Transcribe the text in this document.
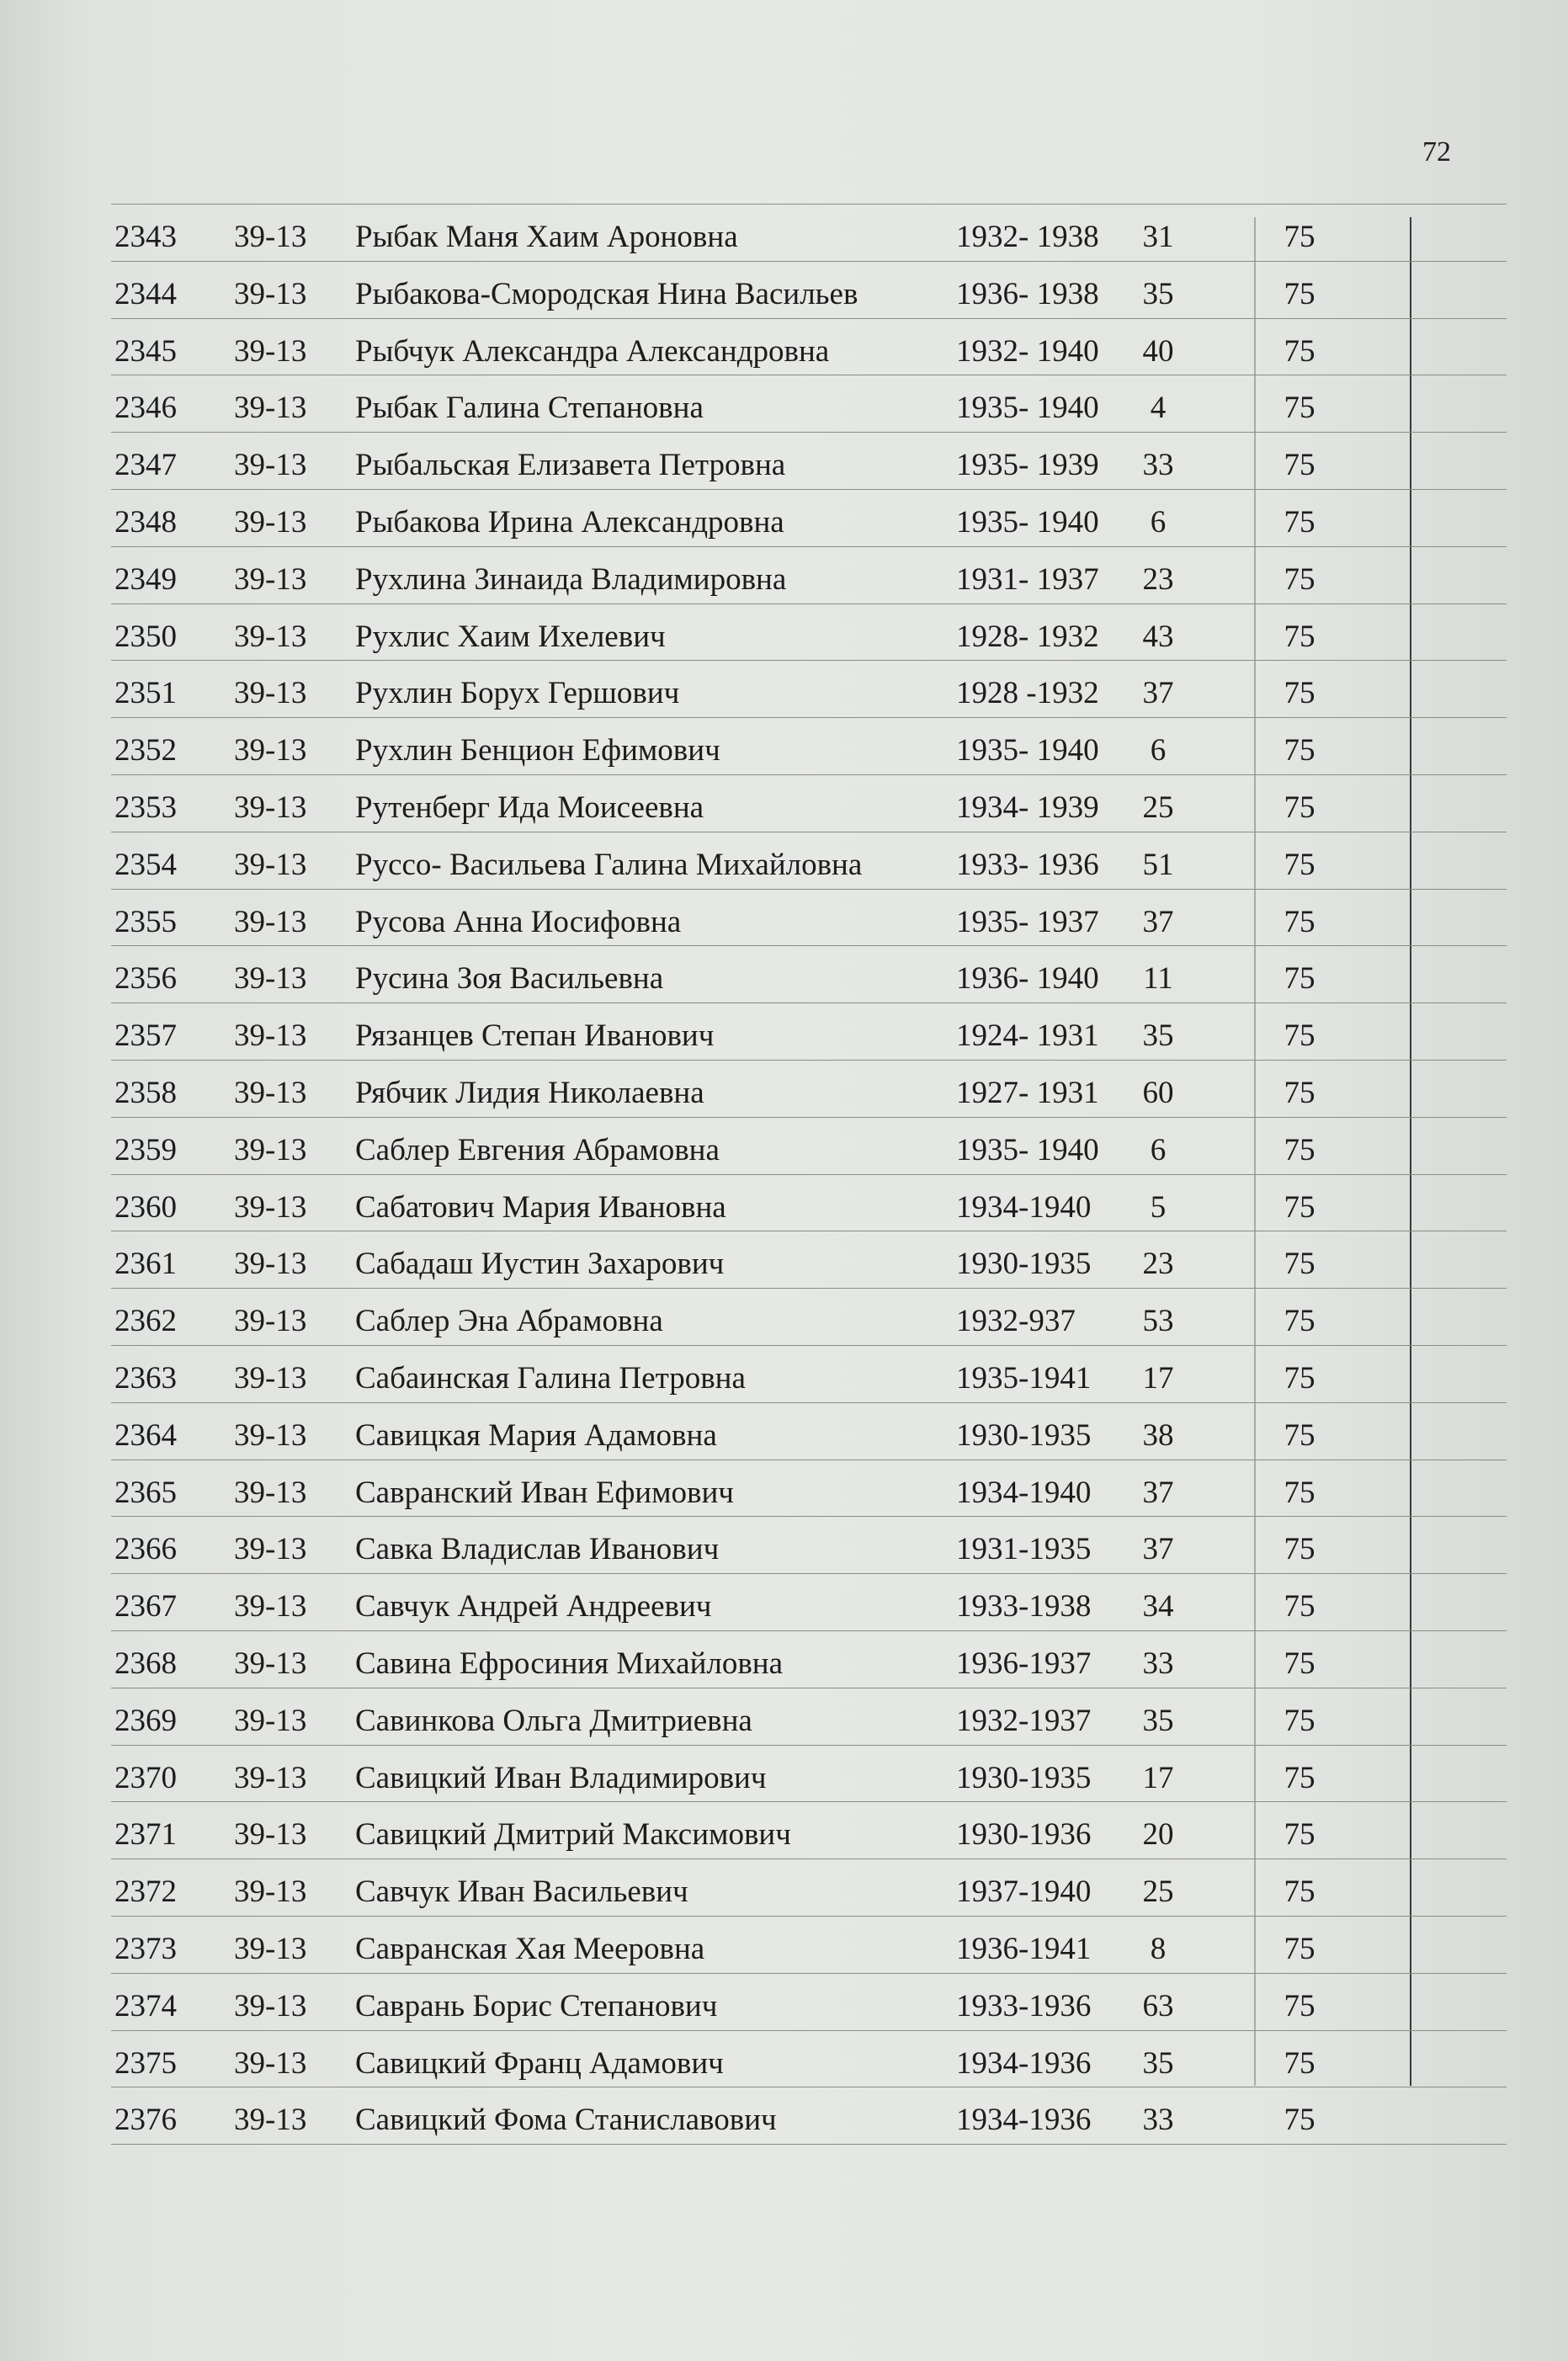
72
2343 39-13 Рыбак Маня Хаим Ароновна	1932- 1938	31	75
2344 39-13 Рыбакова-Смородская Нина Васильев	1936- 1938	35	75
2345 39-13 Рыбчук Александра Александровна	1932- 1940	40	75
2346 39-13 Рыбак Галина Степановна	1935- 1940	4	75
2347 39-13 Рыбальская Елизавета Петровна	1935- 1939	33	75
2348 39-13 Рыбакова Ирина Александровна	1935- 1940	6	75
2349 39-13 Рухлина Зинаида Владимировна	1931- 1937	23	75
2350 39-13 Рухлис Хаим Ихелевич	1928- 1932	43	75
2351 39-13 Рухлин Борух Гершович	1928 -1932	37	75
2352 39-13 Рухлин Бенцион Ефимович	1935- 1940	6	75
2353 39-13 Рутенберг Ида Моисеевна	1934- 1939	25	75
2354 39-13 Руссо- Васильева Галина Михайловна	1933- 1936	51	75
2355 39-13 Русова Анна Иосифовна	1935- 1937	37	75
2356 39-13 Русина Зоя Васильевна	1936- 1940	11	75
2357 39-13 Рязанцев Степан Иванович	1924- 1931	35	75
2358 39-13 Рябчик Лидия Николаевна	1927- 1931	60	75
2359 39-13 Саблер Евгения Абрамовна	1935- 1940	6	75
2360 39-13 Сабатович Мария Ивановна	1934-1940	5	75
2361 39-13 Сабадаш Иустин Захарович	1930-1935	23	75
2362 39-13 Саблер Эна Абрамовна	1932-937	53	75
2363 39-13 Сабаинская Галина Петровна	1935-1941	17	75
2364 39-13 Савицкая Мария Адамовна	1930-1935	38	75
2365 39-13 Савранский Иван Ефимович	1934-1940	37	75
2366 39-13 Савка Владислав Иванович	1931-1935	37	75
2367 39-13 Савчук Андрей Андреевич	1933-1938	34	75
2368 39-13 Савина Ефросиния Михайловна	1936-1937	33	75
2369 39-13 Савинкова Ольга Дмитриевна	1932-1937	35	75
2370 39-13 Савицкий Иван Владимирович	1930-1935	17	75
2371 39-13 Савицкий Дмитрий Максимович	1930-1936	20	75
2372 39-13 Савчук Иван Васильевич	1937-1940	25	75
2373 39-13 Савранская Хая Мееровна	1936-1941	8	75
2374 39-13 Саврань Борис Степанович	1933-1936	63	75
2375 39-13 Савицкий Франц Адамович	1934-1936	35	75
2376 39-13 Савицкий Фома Станиславович	1934-1936	33	75
